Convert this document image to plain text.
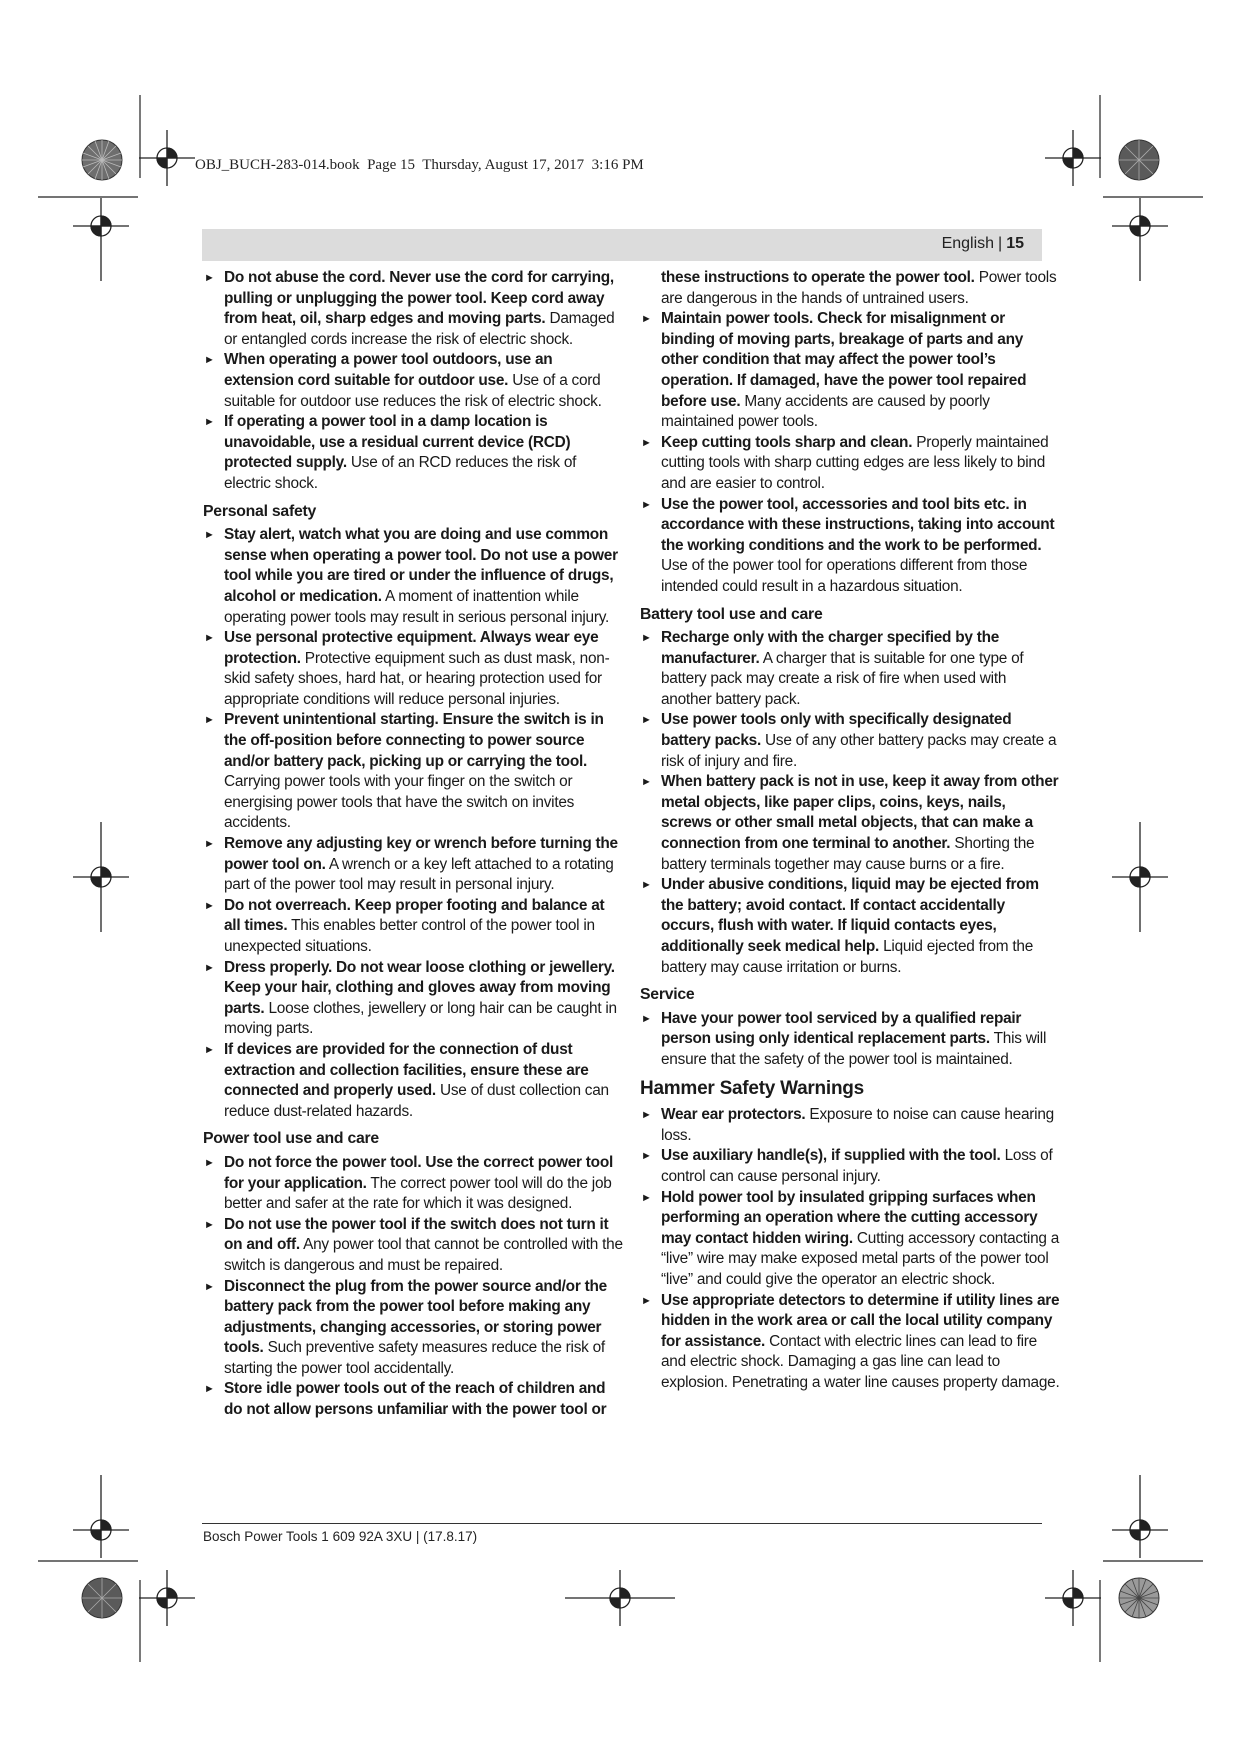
OBJ_BUCH-283-014.book  Page 15  Thursday, August 17, 2017  3:16 PM
English | 15

► Do not abuse the cord. Never use the cord for carrying, pulling or unplugging the power tool. Keep cord away from heat, oil, sharp edges and moving parts. Damaged or entangled cords increase the risk of electric shock.

► When operating a power tool outdoors, use an extension cord suitable for outdoor use. Use of a cord suitable for outdoor use reduces the risk of electric shock.

► If operating a power tool in a damp location is unavoidable, use a residual current device (RCD) protected supply. Use of an RCD reduces the risk of electric shock.

Personal safety

► Stay alert, watch what you are doing and use common sense when operating a power tool. Do not use a power tool while you are tired or under the influence of drugs, alcohol or medication. A moment of inattention while operating power tools may result in serious personal injury.

► Use personal protective equipment. Always wear eye protection. Protective equipment such as dust mask, non-skid safety shoes, hard hat, or hearing protection used for appropriate conditions will reduce personal injuries.

► Prevent unintentional starting. Ensure the switch is in the off-position before connecting to power source and/or battery pack, picking up or carrying the tool. Carrying power tools with your finger on the switch or energising power tools that have the switch on invites accidents.

► Remove any adjusting key or wrench before turning the power tool on. A wrench or a key left attached to a rotating part of the power tool may result in personal injury.

► Do not overreach. Keep proper footing and balance at all times. This enables better control of the power tool in unexpected situations.

► Dress properly. Do not wear loose clothing or jewellery. Keep your hair, clothing and gloves away from moving parts. Loose clothes, jewellery or long hair can be caught in moving parts.

► If devices are provided for the connection of dust extraction and collection facilities, ensure these are connected and properly used. Use of dust collection can reduce dust-related hazards.

Power tool use and care

► Do not force the power tool. Use the correct power tool for your application. The correct power tool will do the job better and safer at the rate for which it was designed.

► Do not use the power tool if the switch does not turn it on and off. Any power tool that cannot be controlled with the switch is dangerous and must be repaired.

► Disconnect the plug from the power source and/or the battery pack from the power tool before making any adjustments, changing accessories, or storing power tools. Such preventive safety measures reduce the risk of starting the power tool accidentally.

► Store idle power tools out of the reach of children and do not allow persons unfamiliar with the power tool or

these instructions to operate the power tool. Power tools are dangerous in the hands of untrained users.

► Maintain power tools. Check for misalignment or binding of moving parts, breakage of parts and any other condition that may affect the power tool’s operation. If damaged, have the power tool repaired before use. Many accidents are caused by poorly maintained power tools.

► Keep cutting tools sharp and clean. Properly maintained cutting tools with sharp cutting edges are less likely to bind and are easier to control.

► Use the power tool, accessories and tool bits etc. in accordance with these instructions, taking into account the working conditions and the work to be performed. Use of the power tool for operations different from those intended could result in a hazardous situation.

Battery tool use and care

► Recharge only with the charger specified by the manufacturer. A charger that is suitable for one type of battery pack may create a risk of fire when used with another battery pack.

► Use power tools only with specifically designated battery packs. Use of any other battery packs may create a risk of injury and fire.

► When battery pack is not in use, keep it away from other metal objects, like paper clips, coins, keys, nails, screws or other small metal objects, that can make a connection from one terminal to another. Shorting the battery terminals together may cause burns or a fire.

► Under abusive conditions, liquid may be ejected from the battery; avoid contact. If contact accidentally occurs, flush with water. If liquid contacts eyes, additionally seek medical help. Liquid ejected from the battery may cause irritation or burns.

Service

► Have your power tool serviced by a qualified repair person using only identical replacement parts. This will ensure that the safety of the power tool is maintained.

Hammer Safety Warnings

► Wear ear protectors. Exposure to noise can cause hearing loss.

► Use auxiliary handle(s), if supplied with the tool. Loss of control can cause personal injury.

► Hold power tool by insulated gripping surfaces when performing an operation where the cutting accessory may contact hidden wiring. Cutting accessory contacting a “live” wire may make exposed metal parts of the power tool “live” and could give the operator an electric shock.

► Use appropriate detectors to determine if utility lines are hidden in the work area or call the local utility company for assistance. Contact with electric lines can lead to fire and electric shock. Damaging a gas line can lead to explosion. Penetrating a water line causes property damage.

Bosch Power Tools 1 609 92A 3XU | (17.8.17)
